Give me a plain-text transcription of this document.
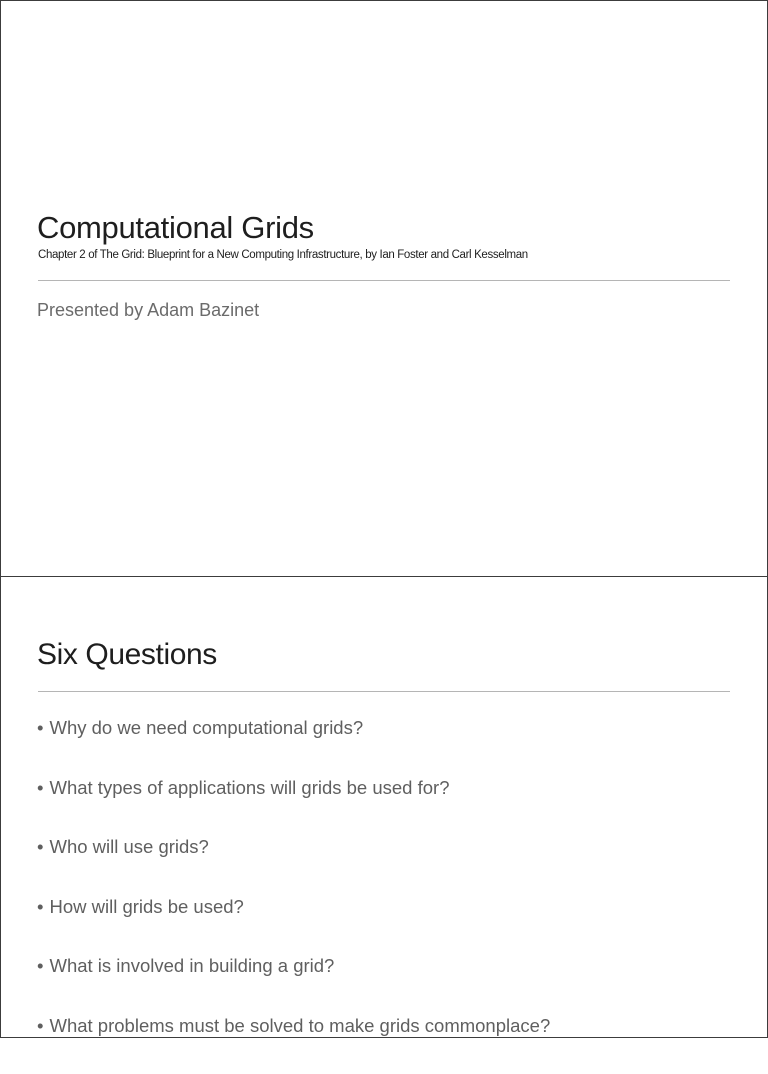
Computational Grids

Chapter 2 of The Grid: Blueprint for a New Computing Infrastructure, by Ian Foster and Carl Kesselman

Presented by Adam Bazinet

Six Questions
• Why do we need computational grids?
• What types of applications will grids be used for?
• Who will use grids?
• How will grids be used?
• What is involved in building a grid?
• What problems must be solved to make grids commonplace?
